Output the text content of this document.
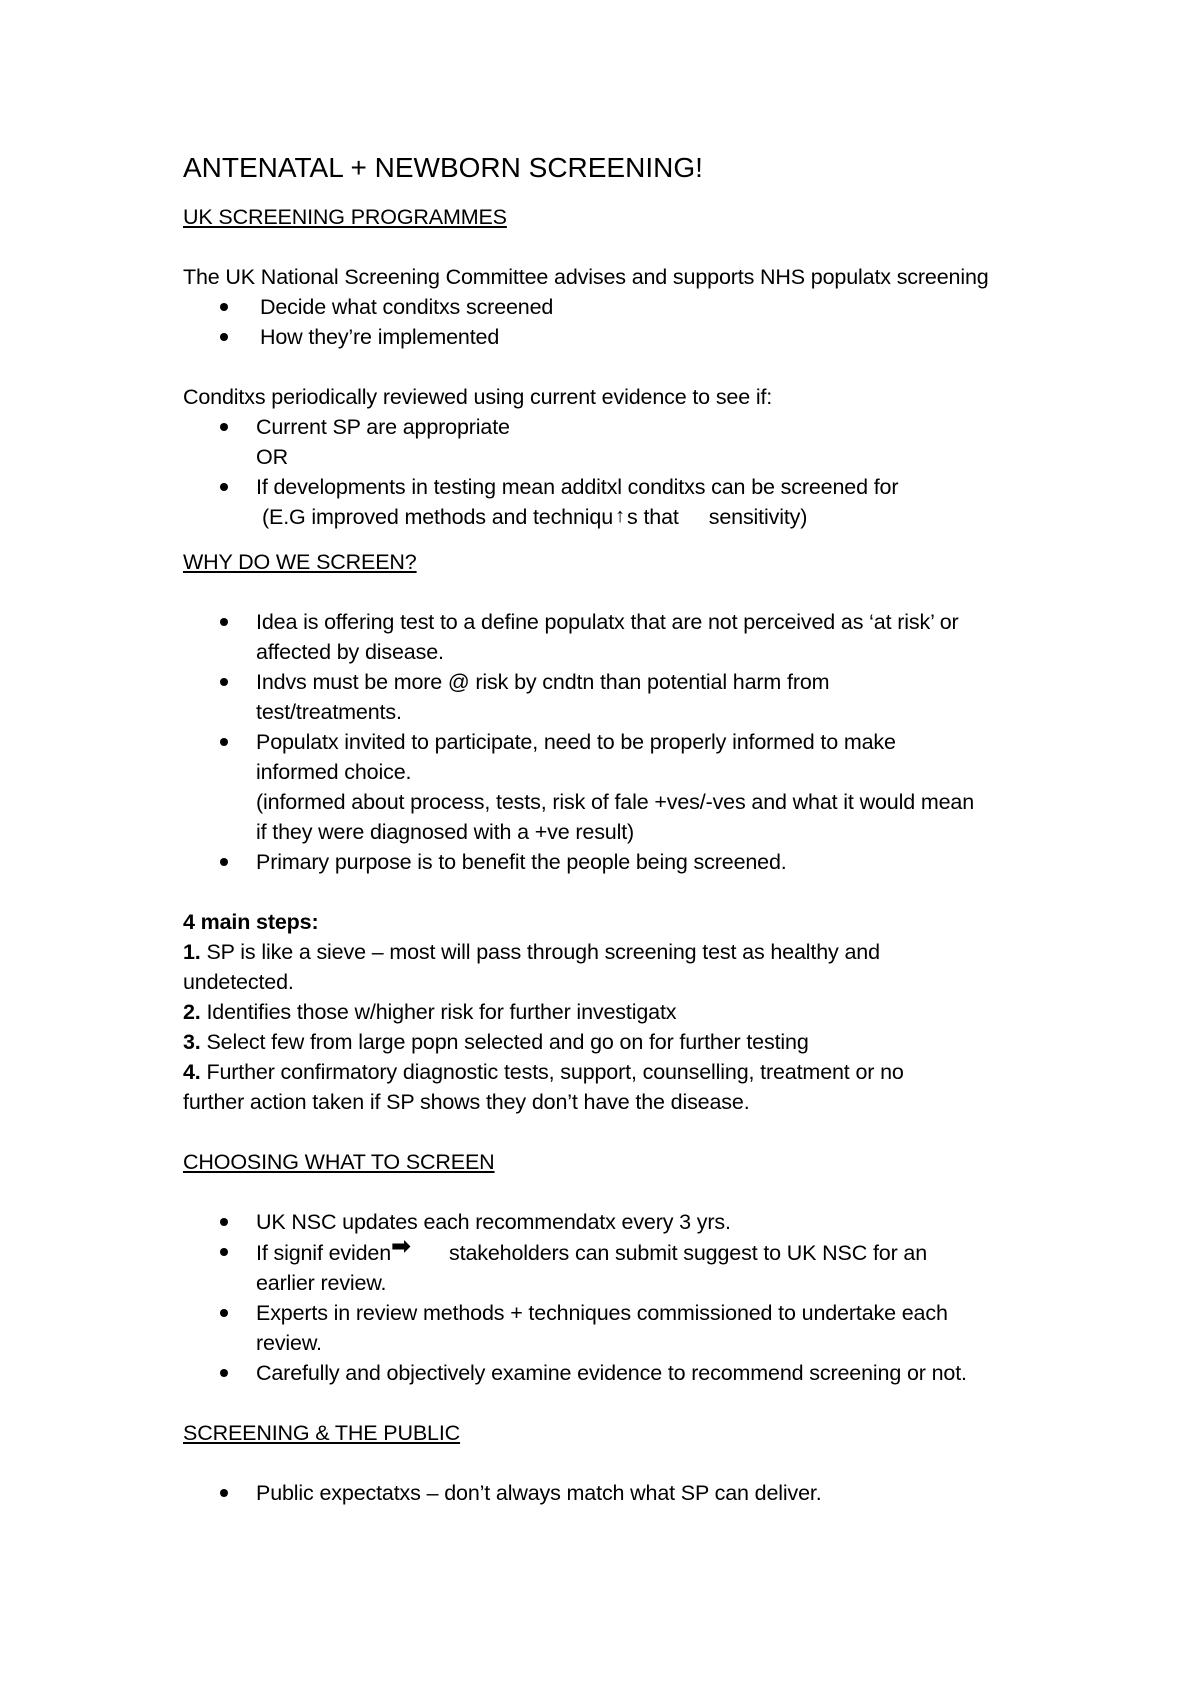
ANTENATAL + NEWBORN SCREENING!
UK SCREENING PROGRAMMES
The UK National Screening Committee advises and supports NHS populatx screening
Decide what conditxs screened
How they’re implemented
Conditxs periodically reviewed using current evidence to see if:
Current SP are appropriate
OR
If developments in testing mean additxl conditxs can be screened for
(E.G improved methods and techniqu ↑s that sensitivity)
WHY DO WE SCREEN?
Idea is offering test to a define populatx that are not perceived as ‘at risk’ or
affected by disease.
Indvs must be more @ risk by cndtn than potential harm from
test/treatments.
Populatx invited to participate, need to be properly informed to make
informed choice.
(informed about process, tests, risk of fale +ves/-ves and what it would mean
if they were diagnosed with a +ve result)
Primary purpose is to benefit the people being screened.
4 main steps:
1. SP is like a sieve – most will pass through screening test as healthy and
undetected.
2. Identifies those w/higher risk for further investigatx
3. Select few from large popn selected and go on for further testing
4. Further confirmatory diagnostic tests, support, counselling, treatment or no
further action taken if SP shows they don’t have the disease.
CHOOSING WHAT TO SCREEN
UK NSC updates each recommendatx every 3 yrs.
If signif eviden➡ stakeholders can submit suggest to UK NSC for an
earlier review.
Experts in review methods + techniques commissioned to undertake each
review.
Carefully and objectively examine evidence to recommend screening or not.
SCREENING & THE PUBLIC
Public expectatxs – don’t always match what SP can deliver.
